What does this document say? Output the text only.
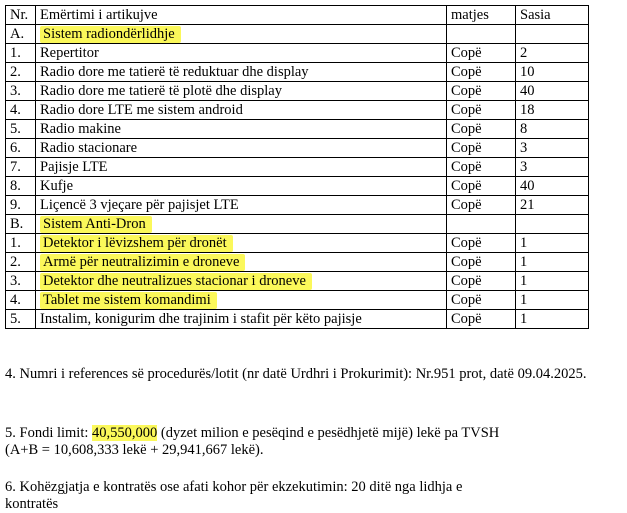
Nr.	Emërtimi i artikujve	matjes	Sasia
A.	Sistem radiondërlidhje		
1.	Repertitor	Copë	2
2.	Radio dore me tatierë të reduktuar dhe display	Copë	10
3.	Radio dore me tatierë të plotë dhe display	Copë	40
4.	Radio dore LTE me sistem android	Copë	18
5.	Radio makine	Copë	8
6.	Radio stacionare	Copë	3
7.	Pajisje LTE	Copë	3
8.	Kufje	Copë	40
9.	Liçencë 3 vjeçare për pajisjet LTE	Copë	21
B.	Sistem Anti-Dron		
1.	Detektor i lëvizshem për dronët	Copë	1
2.	Armë për neutralizimin e droneve	Copë	1
3.	Detektor dhe neutralizues stacionar i droneve	Copë	1
4.	Tablet me sistem komandimi	Copë	1
5.	Instalim, konigurim dhe trajinim i stafit për këto pajisje	Copë	1

4. Numri i references së procedurës/lotit (nr datë Urdhri i Prokurimit): Nr.951 prot, datë 09.04.2025.

5. Fondi limit: 40,550,000 (dyzet milion e pesëqind e pesëdhjetë mijë) lekë pa TVSH
(A+B = 10,608,333 lekë + 29,941,667 lekë).

6. Kohëzgjatja e kontratës ose afati kohor për ekzekutimin: 20 ditë nga lidhja e
kontratës
